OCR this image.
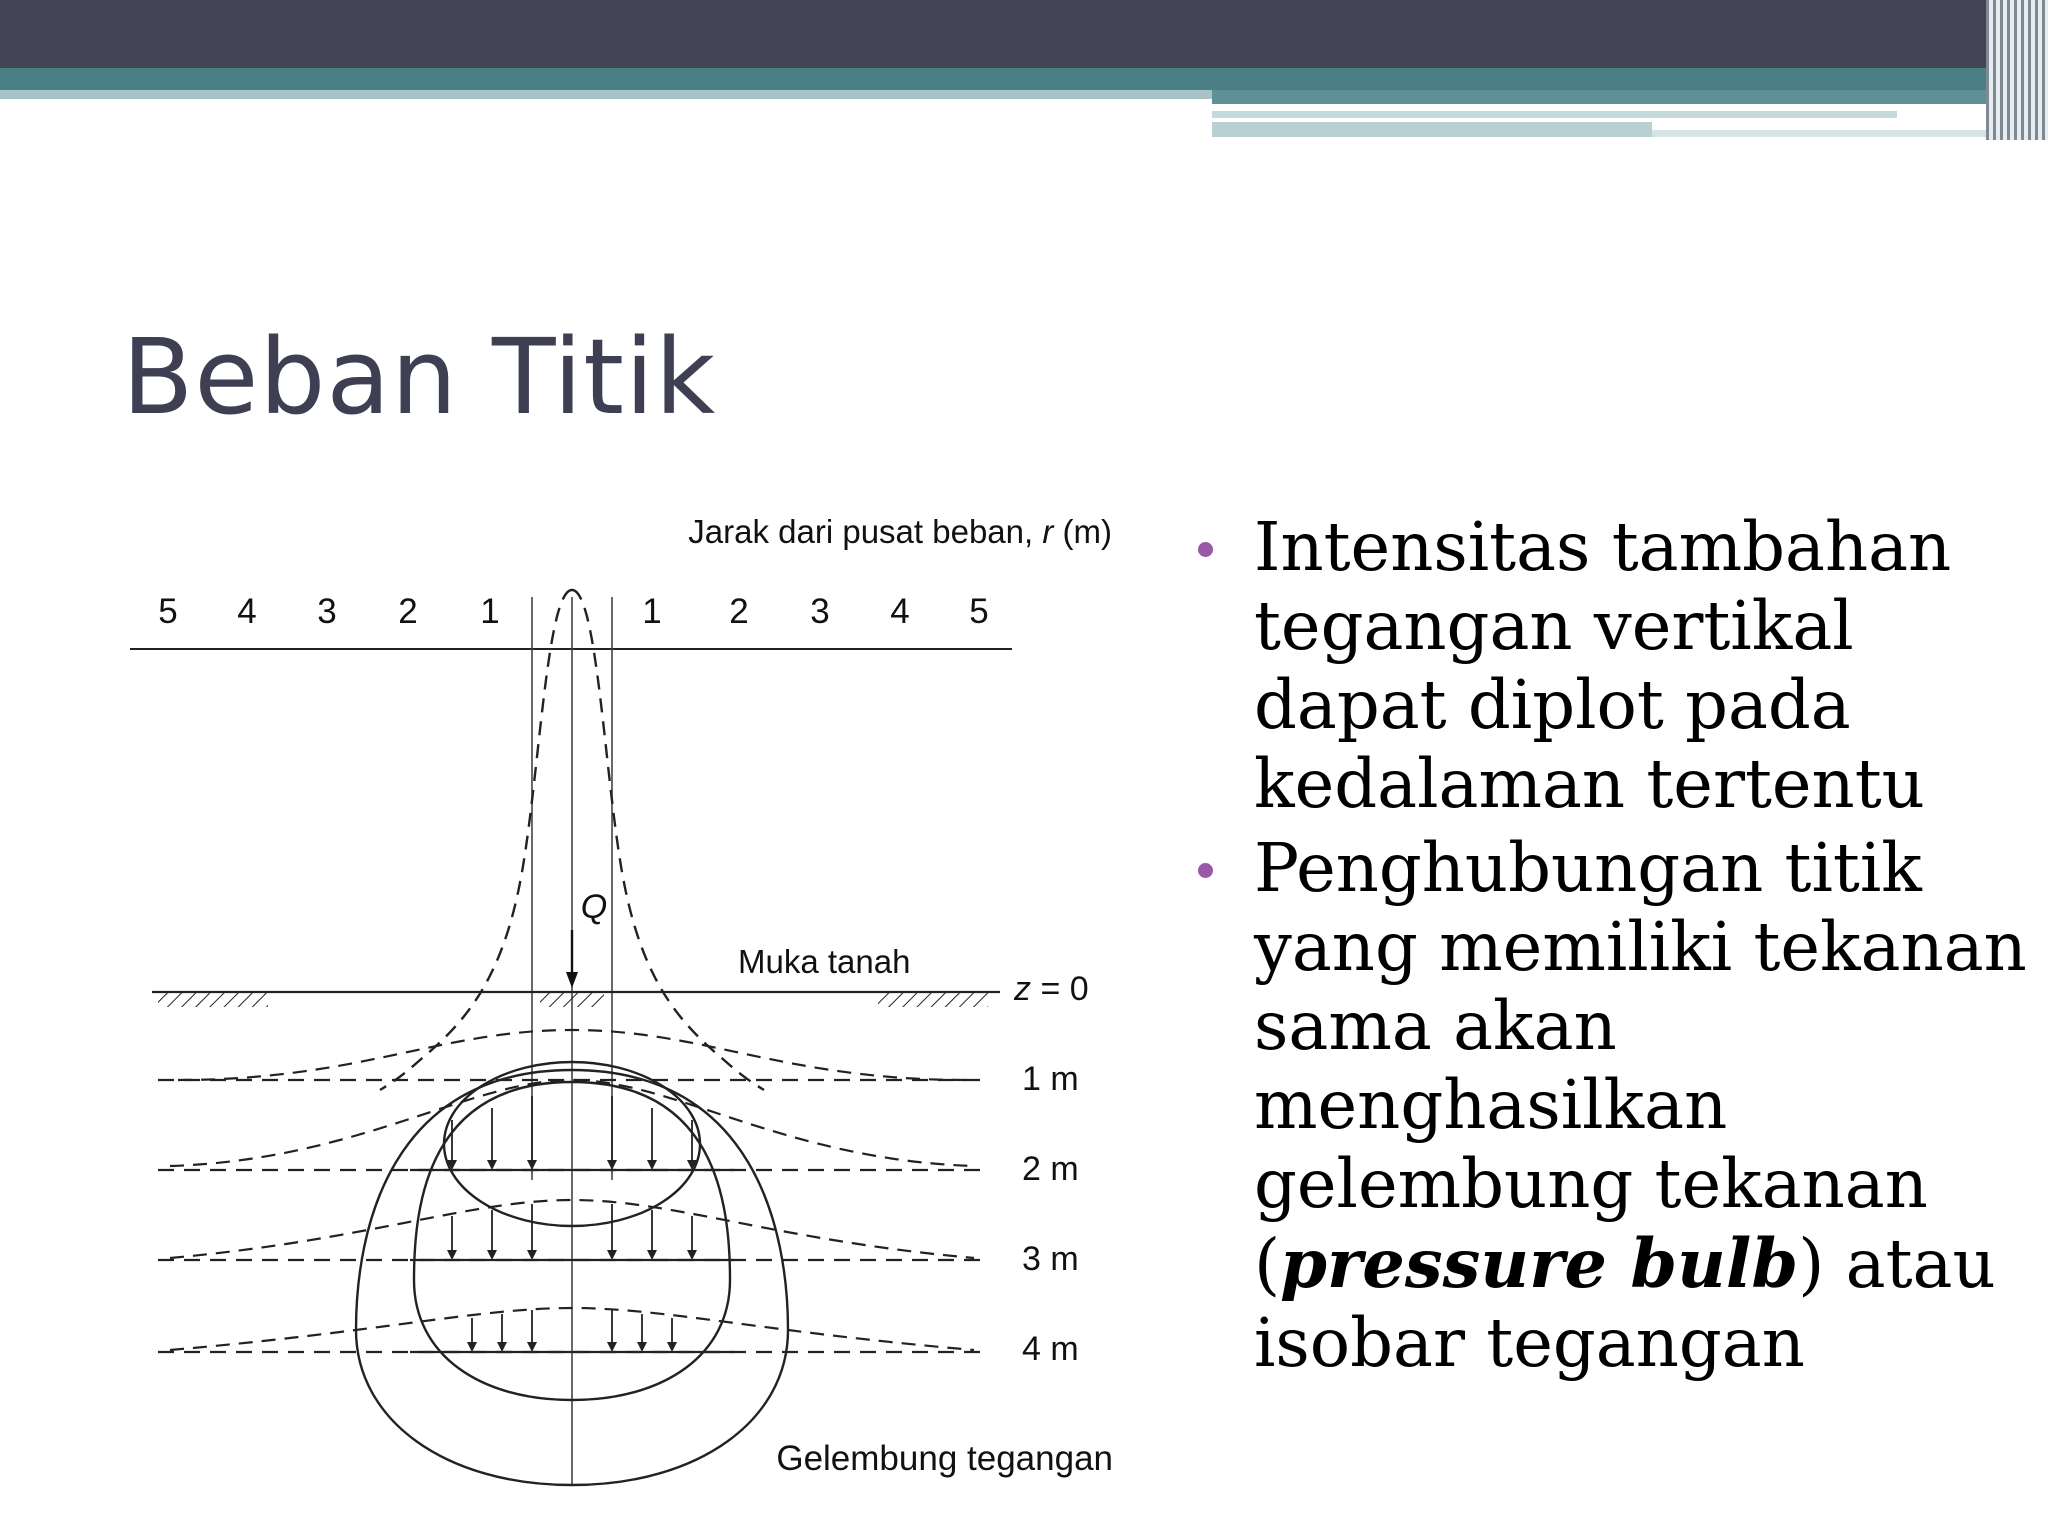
Beban Titik
Jarak dari pusat beban, r (m)
5 4 3 2 1	1 2 3 4 5
Q
Muka tanah
z = 0
1 m
2 m
3 m
4 m
Gelembung tegangan
Intensitas tambahan tegangan vertikal dapat diplot pada kedalaman tertentu
Penghubungan titik yang memiliki tekanan sama akan menghasilkan gelembung tekanan (pressure bulb) atau isobar tegangan
